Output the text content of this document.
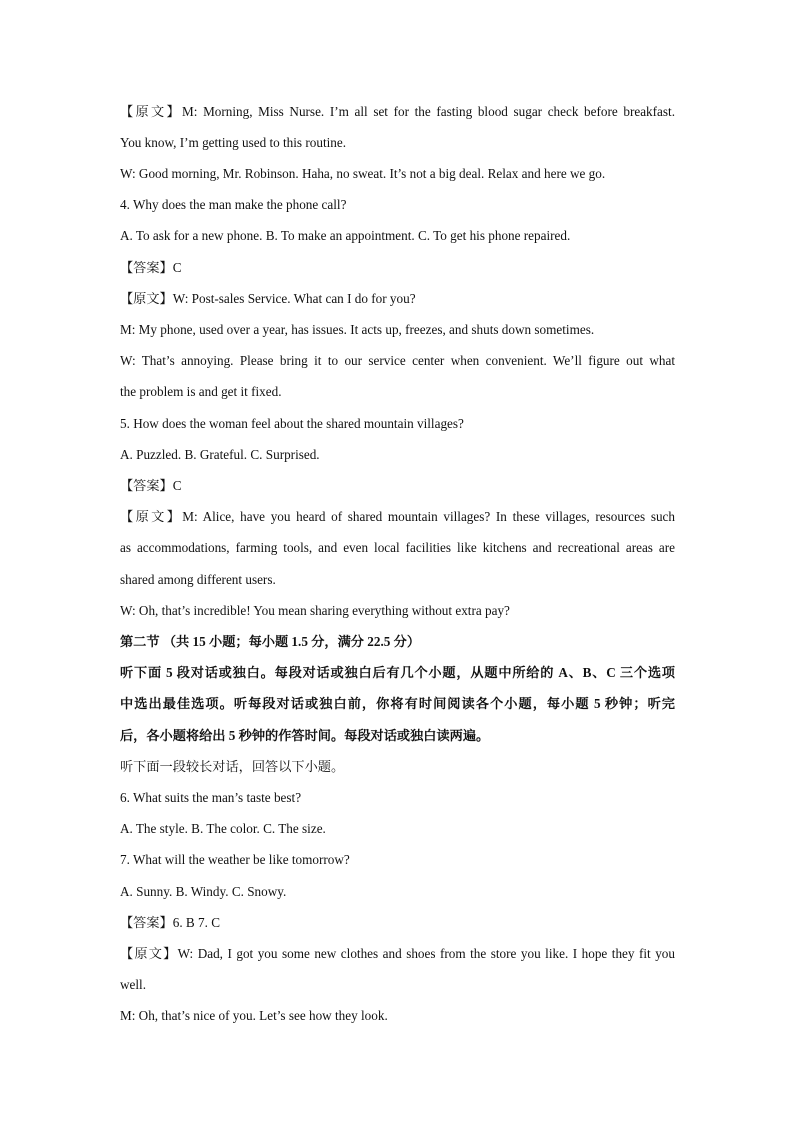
【原文】M: Morning, Miss Nurse. I’m all set for the fasting blood sugar check before breakfast.
You know, I’m getting used to this routine.
W: Good morning, Mr. Robinson. Haha, no sweat. It’s not a big deal. Relax and here we go.
4. Why does the man make the phone call?
A. To ask for a new phone. B. To make an appointment. C. To get his phone repaired.
【答案】C
【原文】W: Post-sales Service. What can I do for you?
M: My phone, used over a year, has issues. It acts up, freezes, and shuts down sometimes.
W: That’s annoying. Please bring it to our service center when convenient. We’ll figure out what
the problem is and get it fixed.
5. How does the woman feel about the shared mountain villages?
A. Puzzled. B. Grateful. C. Surprised.
【答案】C
【原文】M: Alice, have you heard of shared mountain villages? In these villages, resources such
as accommodations, farming tools, and even local facilities like kitchens and recreational areas are
shared among different users.
W: Oh, that’s incredible! You mean sharing everything without extra pay?
第二节 （共 15 小题；每小题 1.5 分，满分 22.5 分）
听下面 5 段对话或独白。每段对话或独白后有几个小题，从题中所给的 A、B、C 三个选项
中选出最佳选项。听每段对话或独白前，你将有时间阅读各个小题，每小题 5 秒钟；听完
后，各小题将给出 5 秒钟的作答时间。每段对话或独白读两遍。
听下面一段较长对话，回答以下小题。
6. What suits the man’s taste best?
A. The style. B. The color. C. The size.
7. What will the weather be like tomorrow?
A. Sunny. B. Windy. C. Snowy.
【答案】6. B 7. C
【原文】W: Dad, I got you some new clothes and shoes from the store you like. I hope they fit you
well.
M: Oh, that’s nice of you. Let’s see how they look.
